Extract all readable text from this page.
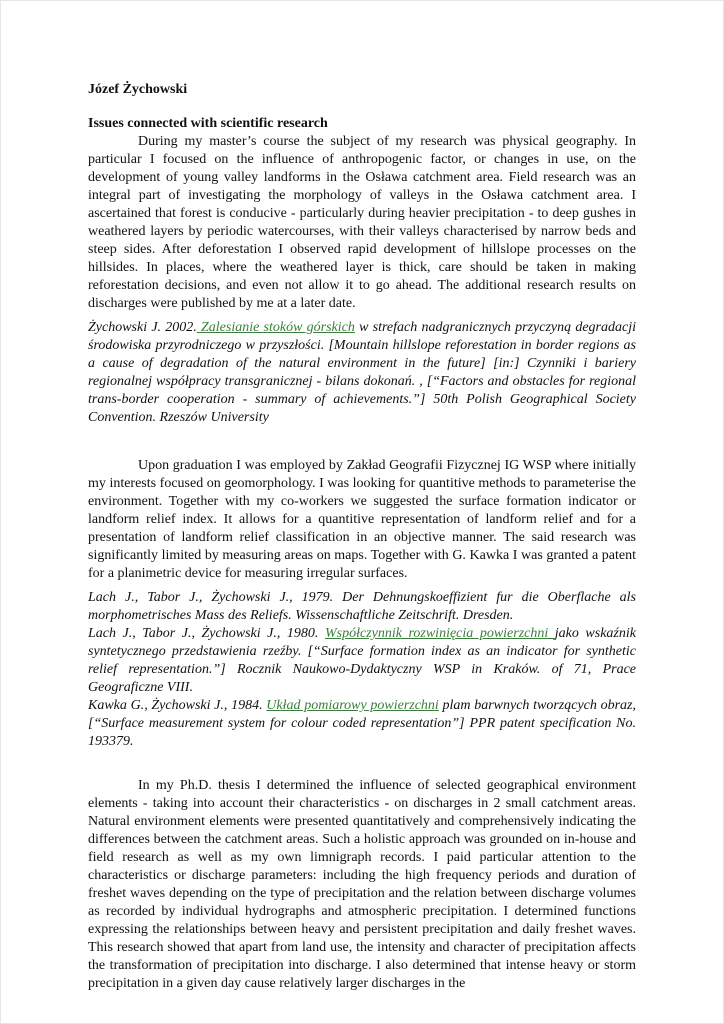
Józef Żychowski

Issues connected with scientific research

During my master’s course the subject of my research was physical geography. In particular I focused on the influence of anthropogenic factor, or changes in use, on the development of young valley landforms in the Osława catchment area. Field research was an integral part of investigating the morphology of valleys in the Osława catchment area. I ascertained that forest is conducive - particularly during heavier precipitation - to deep gushes in weathered layers by periodic watercourses, with their valleys characterised by narrow beds and steep sides. After deforestation I observed rapid development of hillslope processes on the hillsides. In places, where the weathered layer is thick, care should be taken in making reforestation decisions, and even not allow it to go ahead. The additional research results on discharges were published by me at a later date.

Żychowski J. 2002. Zalesianie stoków górskich w strefach nadgranicznych przyczyną degradacji środowiska przyrodniczego w przyszłości. [Mountain hillslope reforestation in border regions as a cause of degradation of the natural environment in the future] [in:] Czynniki i bariery regionalnej współpracy transgranicznej - bilans dokonań. , [“Factors and obstacles for regional trans-border cooperation - summary of achievements.”] 50th Polish Geographical Society Convention. Rzeszów University

Upon graduation I was employed by Zakład Geografii Fizycznej IG WSP where initially my interests focused on geomorphology. I was looking for quantitive methods to parameterise the environment. Together with my co-workers we suggested the surface formation indicator or landform relief index. It allows for a quantitive representation of landform relief and for a presentation of landform relief classification in an objective manner. The said research was significantly limited by measuring areas on maps. Together with G. Kawka I was granted a patent for a planimetric device for measuring irregular surfaces.

Lach J., Tabor J., Żychowski J., 1979. Der Dehnungskoeffizient fur die Oberflache als morphometrisches Mass des Reliefs. Wissenschaftliche Zeitschrift. Dresden.

Lach J., Tabor J., Żychowski J., 1980. Współczynnik rozwinięcia powierzchni jako wskaźnik syntetycznego przedstawienia rzeźby. [“Surface formation index as an indicator for synthetic relief representation.”] Rocznik Naukowo-Dydaktyczny WSP in Kraków. of 71, Prace Geograficzne VIII.

Kawka G., Żychowski J., 1984. Układ pomiarowy powierzchni plam barwnych tworzących obraz, [“Surface measurement system for colour coded representation”] PPR patent specification No. 193379.

In my Ph.D. thesis I determined the influence of selected geographical environment elements - taking into account their characteristics - on discharges in 2 small catchment areas. Natural environment elements were presented quantitatively and comprehensively indicating the differences between the catchment areas. Such a holistic approach was grounded on in-house and field research as well as my own limnigraph records. I paid particular attention to the characteristics or discharge parameters: including the high frequency periods and duration of freshet waves depending on the type of precipitation and the relation between discharge volumes as recorded by individual hydrographs and atmospheric precipitation. I determined functions expressing the relationships between heavy and persistent precipitation and daily freshet waves. This research showed that apart from land use, the intensity and character of precipitation affects the transformation of precipitation into discharge. I also determined that intense heavy or storm precipitation in a given day cause relatively larger discharges in the
